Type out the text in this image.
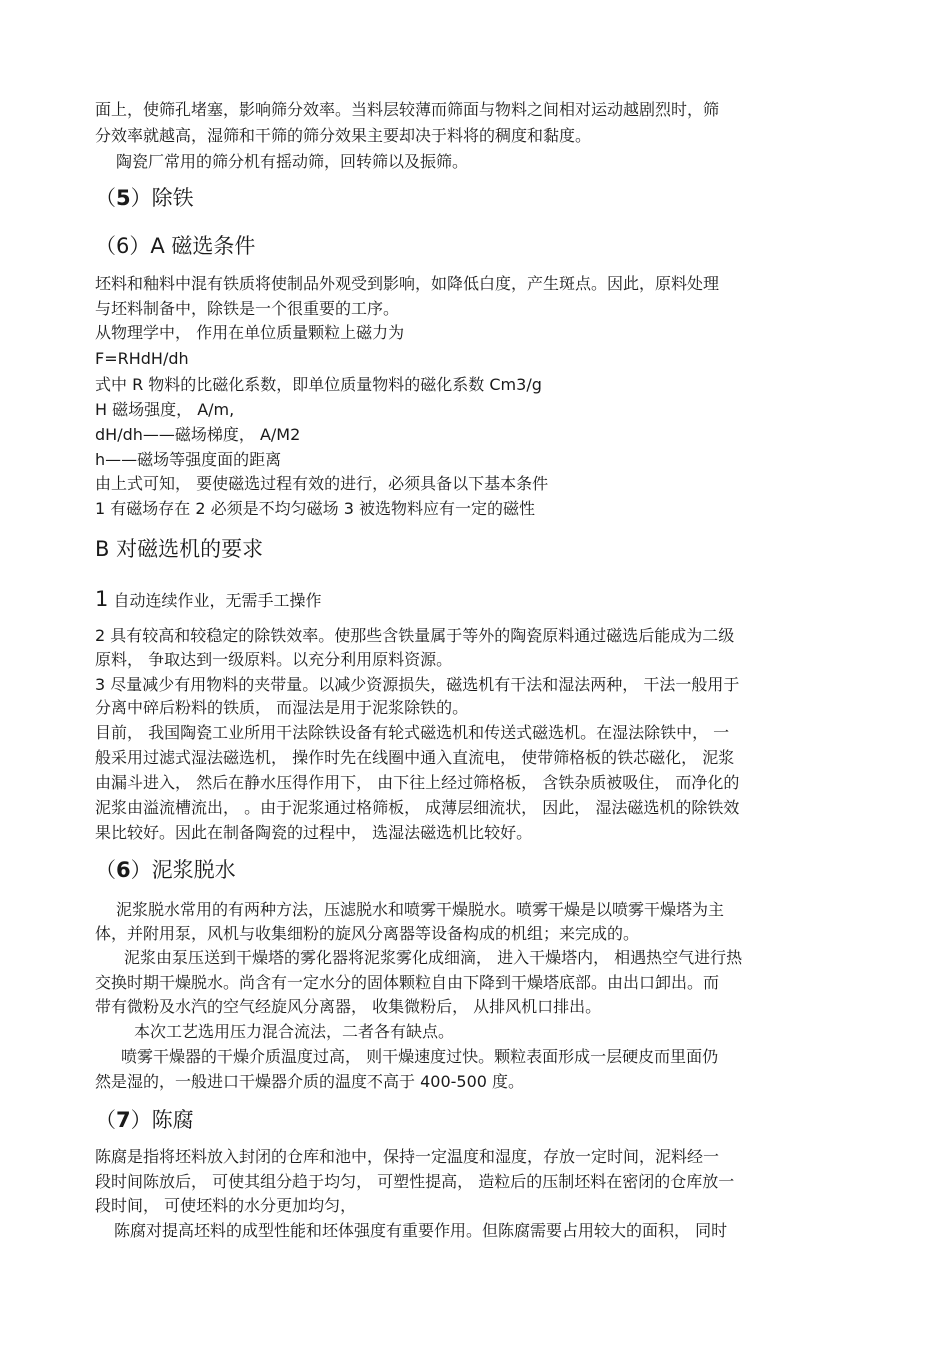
面上，使筛孔堵塞，影响筛分效率。当料层较薄而筛面与物料之间相对运动越剧烈时，筛
分效率就越高，湿筛和干筛的筛分效果主要却决于料将的稠度和黏度。
陶瓷厂常用的筛分机有摇动筛，回转筛以及振筛。
（5）除铁
（6）A 磁选条件
坯料和釉料中混有铁质将使制品外观受到影响，如降低白度，产生斑点。因此，原料处理
与坯料制备中，除铁是一个很重要的工序。
从物理学中， 作用在单位质量颗粒上磁力为
F=RHdH/dh
式中 R 物料的比磁化系数，即单位质量物料的磁化系数 Cm3/g
H 磁场强度， A/m,
dH/dh——磁场梯度， A/M2
h——磁场等强度面的距离
由上式可知， 要使磁选过程有效的进行，必须具备以下基本条件
1 有磁场存在 2 必须是不均匀磁场 3 被选物料应有一定的磁性
B 对磁选机的要求
1 自动连续作业，无需手工操作
2 具有较高和较稳定的除铁效率。使那些含铁量属于等外的陶瓷原料通过磁选后能成为二级
原料， 争取达到一级原料。以充分利用原料资源。
3 尽量减少有用物料的夹带量。以减少资源损失，磁选机有干法和湿法两种， 干法一般用于
分离中碎后粉料的铁质， 而湿法是用于泥浆除铁的。
目前， 我国陶瓷工业所用干法除铁设备有轮式磁选机和传送式磁选机。在湿法除铁中， 一
般采用过滤式湿法磁选机， 操作时先在线圈中通入直流电， 使带筛格板的铁芯磁化， 泥浆
由漏斗进入， 然后在静水压得作用下， 由下往上经过筛格板， 含铁杂质被吸住， 而净化的
泥浆由溢流槽流出， 。由于泥浆通过格筛板， 成薄层细流状， 因此， 湿法磁选机的除铁效
果比较好。因此在制备陶瓷的过程中， 选湿法磁选机比较好。
（6）泥浆脱水
泥浆脱水常用的有两种方法，压滤脱水和喷雾干燥脱水。喷雾干燥是以喷雾干燥塔为主
体，并附用泵，风机与收集细粉的旋风分离器等设备构成的机组；来完成的。
泥浆由泵压送到干燥塔的雾化器将泥浆雾化成细滴， 进入干燥塔内， 相遇热空气进行热
交换时期干燥脱水。尚含有一定水分的固体颗粒自由下降到干燥塔底部。由出口卸出。而
带有微粉及水汽的空气经旋风分离器， 收集微粉后， 从排风机口排出。
本次工艺选用压力混合流法，二者各有缺点。
喷雾干燥器的干燥介质温度过高， 则干燥速度过快。颗粒表面形成一层硬皮而里面仍
然是湿的，一般进口干燥器介质的温度不高于 400-500 度。
（7）陈腐
陈腐是指将坯料放入封闭的仓库和池中，保持一定温度和湿度，存放一定时间，泥料经一
段时间陈放后， 可使其组分趋于均匀， 可塑性提高， 造粒后的压制坯料在密闭的仓库放一
段时间， 可使坯料的水分更加均匀，
陈腐对提高坯料的成型性能和坯体强度有重要作用。但陈腐需要占用较大的面积， 同时
